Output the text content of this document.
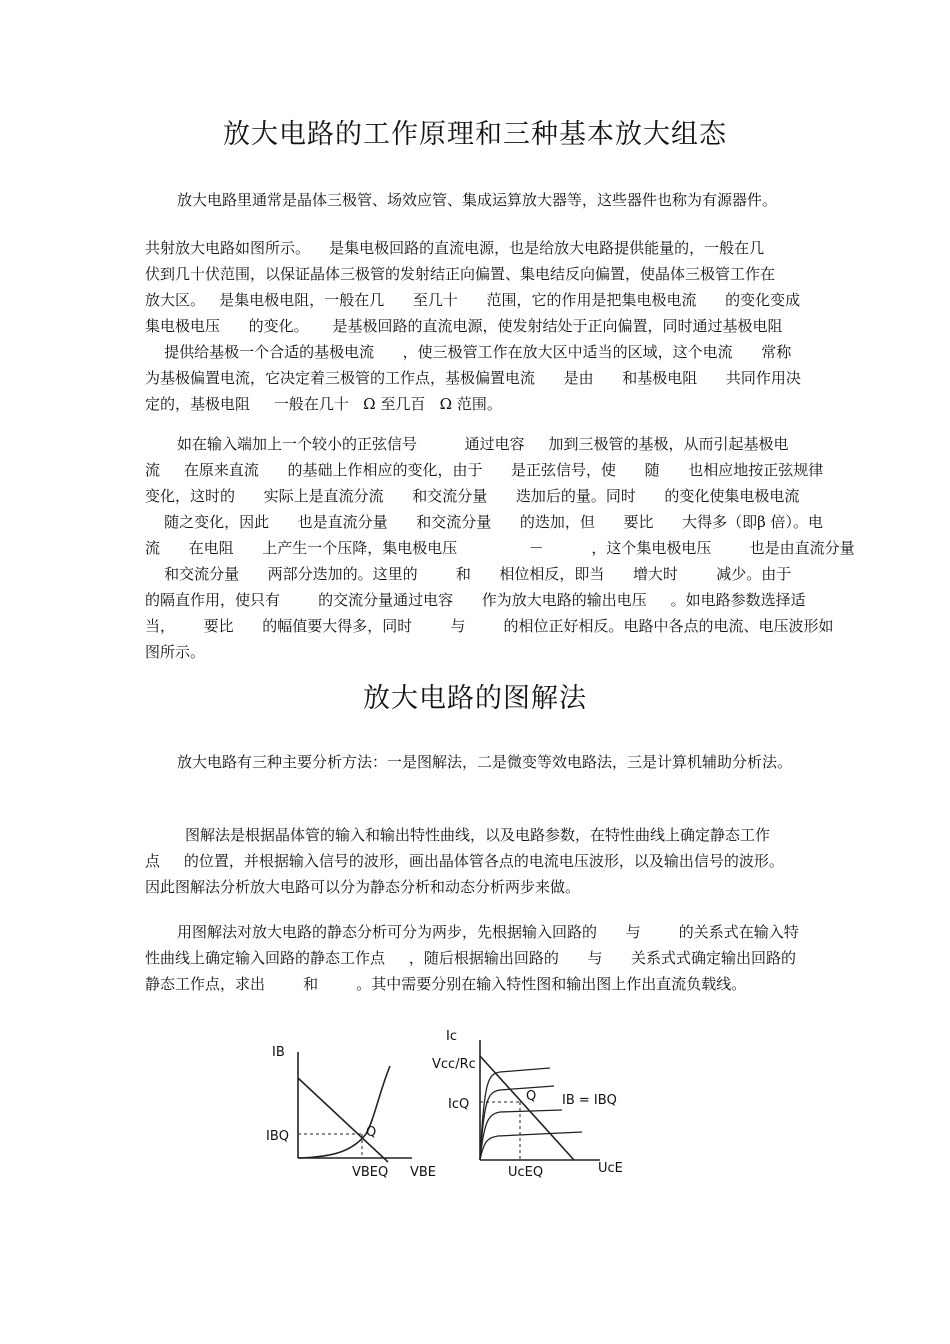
放大电路的工作原理和三种基本放大组态

放大电路里通常是晶体三极管、场效应管、集成运算放大器等，这些器件也称为有源器件。

共射放大电路如图所示。    是集电极回路的直流电源，也是给放大电路提供能量的，一般在几
伏到几十伏范围，以保证晶体三极管的发射结正向偏置、集电结反向偏置，使晶体三极管工作在
放大区。   是集电极电阻，一般在几      至几十      范围，它的作用是把集电极电流      的变化变成
集电极电压      的变化。     是基极回路的直流电源，使发射结处于正向偏置，同时通过基极电阻
提供给基极一个合适的基极电流      ，使三极管工作在放大区中适当的区域，这个电流      常称
为基极偏置电流，它决定着三极管的工作点，基极偏置电流      是由      和基极电阻      共同作用决
定的，基极电阻     一般在几十   Ω 至几百   Ω 范围。
如在输入端加上一个较小的正弦信号          通过电容     加到三极管的基极，从而引起基极电
流     在原来直流      的基础上作相应的变化，由于      是正弦信号，使      随      也相应地按正弦规律
变化，这时的      实际上是直流分流      和交流分量      迭加后的量。同时      的变化使集电极电流
随之变化，因此      也是直流分量      和交流分量      的迭加，但      要比      大得多（即β 倍）。电
流      在电阻      上产生一个压降，集电极电压               －          ，这个集电极电压        也是由直流分量
和交流分量      两部分迭加的。这里的        和      相位相反，即当      增大时        减少。由于
的隔直作用，使只有        的交流分量通过电容      作为放大电路的输出电压     。如电路参数选择适
当，      要比      的幅值要大得多，同时        与        的相位正好相反。电路中各点的电流、电压波形如
图所示。
放大电路的图解法

放大电路有三种主要分析方法：一是图解法，二是微变等效电路法，三是计算机辅助分析法。

图解法是根据晶体管的输入和输出特性曲线，以及电路参数，在特性曲线上确定静态工作
点     的位置，并根据输入信号的波形，画出晶体管各点的电流电压波形，以及输出信号的波形。
因此图解法分析放大电路可以分为静态分析和动态分析两步来做。
用图解法对放大电路的静态分析可分为两步，先根据输入回路的      与        的关系式在输入特
性曲线上确定输入回路的静态工作点     ，随后根据输出回路的      与      关系式式确定输出回路的
静态工作点，求出        和        。其中需要分别在输入特性图和输出图上作出直流负载线。
IB
IBQ	Q
VBEQ VBE
Ic
Vcc/Rc
IcQ
Q IB = IBQ
UcEQ	UcE
